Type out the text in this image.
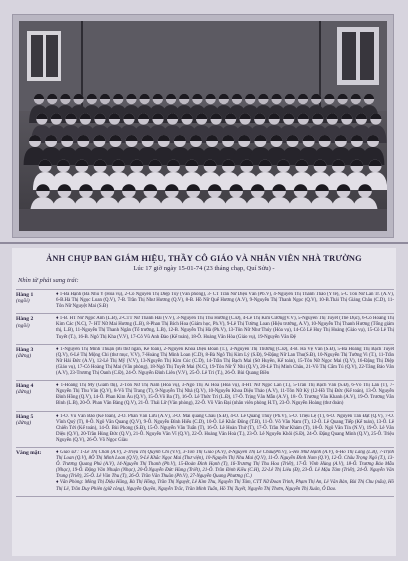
ẢNH CHỤP BAN GIÁM HIỆU, THẦY CÔ GIÁO VÀ NHÂN VIÊN NHÀ TRƯỜNG
Lúc 17 giờ ngày 15-01-74 (23 tháng chạp, Quí Sửu) -
Nhìn từ phải sang trái:
Hàng 1
(ngồi)
♦ 1-Bà Hạnh (Bà Nhu Y (Hóa vụ), 2-Cô Nguyễn Thị Diệp Túy (Văn phòng), 3- CT Trần Nữ Diệu Vân (Pb.V), 4-Nguyễn Thị Thanh Thảo (Y tế), 5-C Tôn Nữ Lan Tr. (A.V), 6-B.Hà Thị Ngọc Loan (Q.V), 7-B. Trần Thị Như Hương (Q.V), 8-B. Hồ Nữ Quế Hương (A.V), 9-Nguyễn Thị Thanh Ngọc (Q.V), 10-B.Thái Thị Giáng Châu (C.D), 11-Tôn Nữ Nguyệt Mai (S.Đ)
Hàng 2
(ngồi)
♦ 1-B. HT Nữ Ngọc Anh (L.B), 2-CTT Nữ Thanh Hải (V.V), 3-Nguyễn Thị Thu Hương (C.Đ), 4-Lê Thị Kim Cương(V.V), 5-Nguyễn Thị Tuyết (Thể Dục), 6-Cô Hoàng Thị Kim Các (N.C), 7- HT Nữ Mai Hương (L.B), 8-Phan Thị Bích Hoa (Giám học, Ph.V), 9-Lê Thị Tường Loan (Hiệu trưởng, A.V), 10-Nguyễn Thị Thanh Hương (Tổng giám thị, L.B), 11-Nguyễn Thị Thanh Ngân (Tổ trưởng, L.B), 12-B. Nguyễn Thị Hà (Ph.V), 13-Tôn Nữ Như Thúy (Hóa vụ), 14-Cô Lê Huy Thị Hoàng (Giáo vụ), 15-Cô Lê Thị Tuyết (T.), 16-B. Ngô Thị Kha (V.V), 17-Cô Vũ Anh Đào (Kế toán), 18-Ô. Hoàng Văn Hòa (Giáo vụ), 19-Nguyễn Văn Đệ
Hàng 3
(đứng)
♦ 1-Nguyễn Thị Minh Thuận (Bí thư ngân, Kế toán), 2-Nguyễn Khoa Diệu Đoan (T.), 3-Nguyễn Thị Thương (C.Đ), 4-B. Hà Vệ Vân (S.Đ), 5-Bà Hoàng Thị Bạch Tuyết (Q.V), 6-Lê Thị Mộng Chi (thư mục, V.V), 7-Hoàng Thị Minh Loan (C.D), 8-Bà Ngô Thị Kim Lý (S.Đ), 9-Đặng Nữ Lan Thu(S.Đ), 10-Nguyễn Thị Tường Vi (T.), 11-Trần Nữ Hải Đức (A.V), 12-Lê Thị Mỹ (V.V), 13-Nguyễn Thị Kim Cúc (C.D), 14-Trần Thị Bạch Mai (Sử Huyền, Kế toán), 15-Tôn Nữ Ngọc Mai (Q.V), 16-Đặng Thị Diệp (Giáo vụ), 17-Cô Hoàng Thị Mai (Văn phòng), 18-Ngô Thị Tuyết Mai (N.C), 19-Tôn Nữ Ý Nhi (Q.V), 20-Lê Thị Minh Châu, 21-Võ Thị Cẩm Tú (Q.V), 22-Tăng Bảo Vân (A.V), 23-Trương Thị Oanh (C.Đ), 24-Ô. Nguyễn Đình Liên (V.V), 25-Ô. Lê Tri (T.), 26-Ô. Bùi Quang Biền
Hàng 4
(đứng)
♦ 1-Hoàng Thị Mỹ (Giám thị), 2-Tôn Nữ Thị Nam (Hóa vụ), 3-Ngô Thị Ái Hoa (Hóa vụ), 4-HT Nữ Ngọc Lan (T.), 5-Trần Thị Bạch Vân (S.Đ), 6-Võ Thị Lan (T), 7-Nguyễn Thị Thu Vân (Q.V), 8-Võ Thị Trang (T), 9-Nguyễn Thị Nhà (Q.V), 10-Nguyễn Khoa Diệu Thảo (A.V), 11-Tôn Nữ Kỳ (12-Hồ Thị Đức (Kế toán), 13-Ô. Nguyễn Đình Hồng (Q.V), 14-Ô. Phan Kim Âu (Q.V), 15-Ô.Võ Ba (T), 16-Ô. Lê Thức Trí (L.Đ), 17-Ô. Trịng Văn Mẫn (A.V), 18- Ô. Trương Văn Khanh (A.V), 19-Ô. Trương Văn Bình (L.B), 20-Ô. Phan Văn Bàng (Q.V), 21-Ô. Thái Lữ (Văn phòng), 22-Ô. Võ Văn Đại (nhân viên phòng H.T), 23-Ô. Nguyễn Hoàng (thư đoàn)
Hàng 5
(đứng)
♦ 1-Ô. Vũ Văn Bảo (Kế toán), 2-Ô. Phan Văn Lữu (A.V), 3-Ô. Mai quang Châu (S.Đ), 4-Ô. Lê Quang Thuỳ (Ph.V), 5-Ô. Triệu Lệ (T), 6-Ô. Nguyễn Tấn Đạt (Q.V), 7-Ô. Vĩnh Quý (T), 8-Ô. Ngô Văn Quang (Q.V), 9-Ô. Nguyễn Đình Hiếu (C.D), 10-Ô. Lê Khắc Đông (T.B), 11-Ô. Võ Văn Nam (T), 12-Ô. Lê Quang Tiếp (Kế toán), 13-Ô. Lê Chiến Tới (Kế toán), 14-Ô. Bùi Phong (S.Đ), 15-Ô. Nguyễn Văn Tuấn (T), 16-Ô. Lê Hoàn Thứ (T), 17-Ô. Trần Như Khảm (T), 18-Ô. Ngô Văn Tín (N.V), 19-Ô. Lê Văn Diệu (Q.V), 20-Trần Hùng Đức (Q.V), 21-Ô. Nguyễn Văn Vĩ (Q.V), 22-Ô. Hoàng Văn Hoà (T.), 23-Ô. Lê Nguyễn Khôi (S.Đ), 24-Ô. Đặng Quang Minh (Q.V), 25-Ô. Triệu Nguyễn (Q.V), 26-Ô. Võ Ngọc Giàu
Vắng mặt:	♦ Giáo sư : 1-Lê Thị Chân (A.V), 2-Triệu Thị Quỳnh Chi (V.V), 3-Tôn Thị Giao (A.V), 4-Nguyễn Thị Lê Châu(Ph.V), 5-Hồ Như Hạnh (A.V), 6-Hồ Thị Lang (L.B), 7-Trịnh Thị Loan (Q.V), 8Ô Thị Minh Loan (Q.V), 9-Lê Khắc Ngọc Mai (Thư viện), 10-Nguyễn Thị Nhu Mai (Q.V), 11-Ô. Nguyễn Đình Nam (Q.V), 12-Ô. Châu Trọng Ngô (T.), 13-Ô. Trương Quang Phú (A.V), 14-Nguyễn Thị Thanh (Ph.V), 15-Đoàn Đình Hạnh (T), 16-Trương Thị Thu Hoa (Triết), 17-Ô. Vĩnh Hùng (A.V), 18-Ô. Trương Bảo Mẫu (Nhạc), 19-Ô. Đặng Văn Nhuận (Nhạc), 20-Ô.Nguyễn Đức Hùng (Triết), 21-Ô. Trần Đình Kiều (C.H), 22-Lê Thị Liêu (Đ), 23-Ô. Lê Mậu Tâm (Triết), 24-Ô. Nguyễn Văn Trung (Triết), 25-Ô. Lê Văn Thu (T), 26-Ô. Trần Văn Thuần (Ph.V), 27-Nguyễn Quang Phương (C.)
♦ Văn Phòng: Mông Thị Diệu Hằng, Bà Thị Hồng, Trần Thị Nguyệt, Lê Kim Thu, Nguyễn Thị Tâm, CTT Nữ Đoan Trinh, Phạm Thị An, Lê Văn Bản, Bùi Thị Chu (nấu), Hồ Thị Lê, Trần Duy Phiên (giữ công), Nguyễn Quyền, Nguyễn Trắc, Trần Minh Tuấn, Hồ Thị Tuyết, Nguyễn Thị Thơm, Nguyễn Thị Xuân, Ô Dao.
